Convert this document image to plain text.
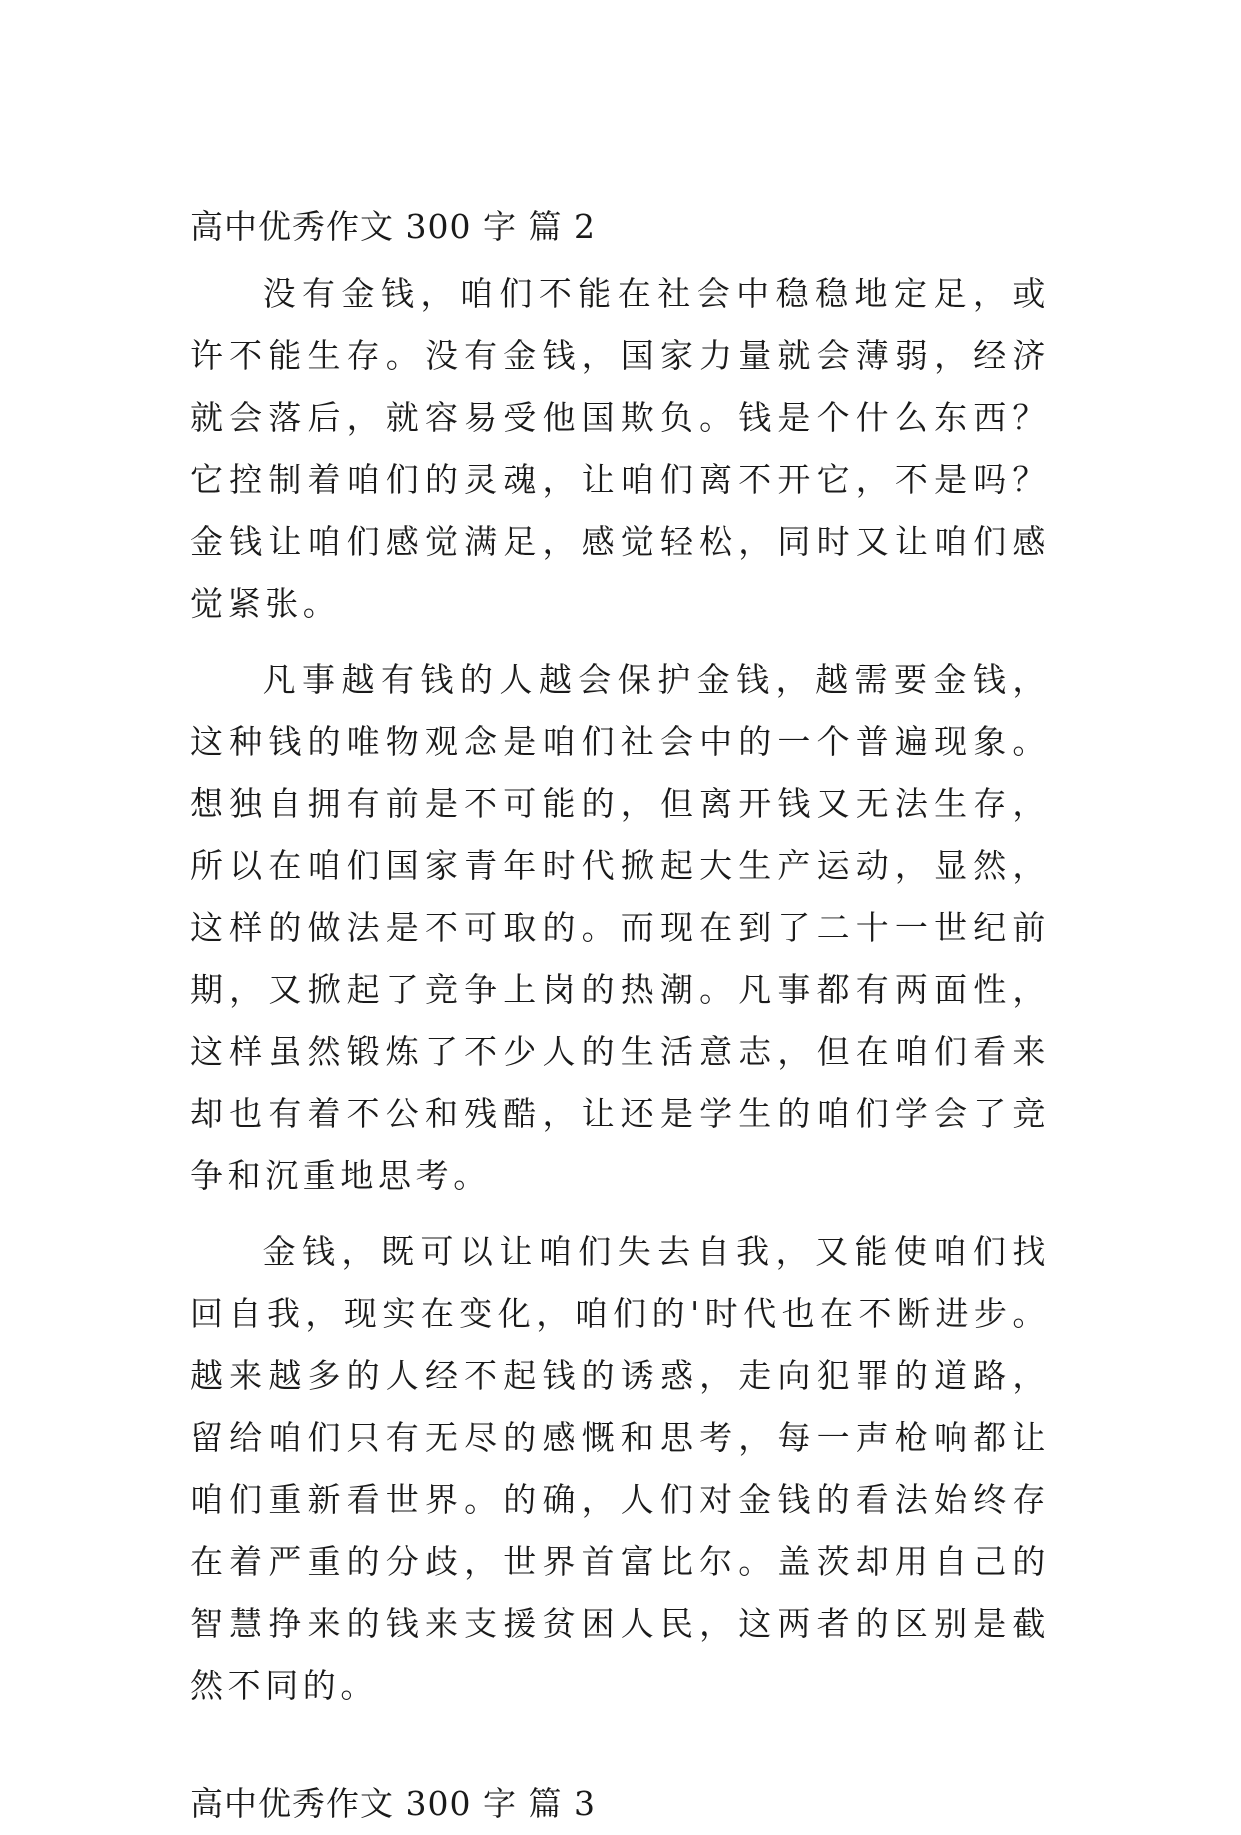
高中优秀作文 300 字 篇 2

没有金钱，咱们不能在社会中稳稳地定足，或许不能生存。没有金钱，国家力量就会薄弱，经济就会落后，就容易受他国欺负。钱是个什么东西？它控制着咱们的灵魂，让咱们离不开它，不是吗？金钱让咱们感觉满足，感觉轻松，同时又让咱们感觉紧张。

凡事越有钱的人越会保护金钱，越需要金钱，这种钱的唯物观念是咱们社会中的一个普遍现象。想独自拥有前是不可能的，但离开钱又无法生存，所以在咱们国家青年时代掀起大生产运动，显然，这样的做法是不可取的。而现在到了二十一世纪前期，又掀起了竞争上岗的热潮。凡事都有两面性，这样虽然锻炼了不少人的生活意志，但在咱们看来却也有着不公和残酷，让还是学生的咱们学会了竞争和沉重地思考。

金钱，既可以让咱们失去自我，又能使咱们找回自我，现实在变化，咱们的'时代也在不断进步。越来越多的人经不起钱的诱惑，走向犯罪的道路，留给咱们只有无尽的感慨和思考，每一声枪响都让咱们重新看世界。的确，人们对金钱的看法始终存在着严重的分歧，世界首富比尔。盖茨却用自己的智慧挣来的钱来支援贫困人民，这两者的区别是截然不同的。

高中优秀作文 300 字 篇 3
